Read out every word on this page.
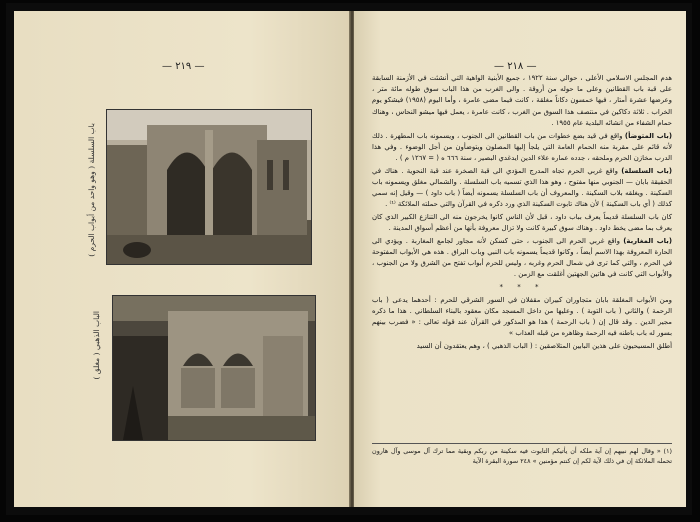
— ٢١٩ —
باب السلسلة ( وهو واحد من أبواب الحرم )
الباب الذهبي ( مغلق )
— ٢١٨ —

هدم المجلس الاسلامي الأعلى ، حوالي سنة ١٩٢٢ ، جميع الأبنية الواهية التي أنشئت في الأزمنة السابقة على قبة باب القطانين وعلى ما حوله من أروقة . والى الغرب من هذا الباب سوق طوله مائة متر ، وعرضها عشرة أمتار ، فيها خمسون دكاناً مغلقة ، كانت فيما مضى عامرة ، وأما اليوم (١٩٥٨) فيشكو يوم الخراب . ثلاثة دكاكين في منتصف هذا السوق من الغرب ، كانت عامرة ، يعمل فيها ميشو النحاس ، وهناك حمام الشفاء من انشائه البلدية عام ١٩٥٥ .

(باب المتوضأ) واقع في قيد بضع خطوات من باب القطانين الى الجنوب ، ويسمونه باب المطهرة . ذلك لأنه قائم على مقربة منه الحمام العامة التي يلجأ إليها المصلون ويتوضأون من أجل الوضوء . وفي هذا الدرب مخازن الحرم وملحقه ، جدده عماره علاء الدين ايدغدي البصير ، سنة ٦٦٦ ه ( = ١٢٦٧ م ) .

(باب السلسلة) واقع غربي الحرم تجاه المدرج المؤدي الى قبة الصخرة عند قبة النحوية . هناك في الحقيقة بابان — الجنوبي منها مفتوح ، وهو هذا الذي تسميه باب السلسلة . والشمالي مغلق ويسمونه باب السكينة . ويغلقه بلاب السكينة . والمعروف أن باب السلسلة يسمونه أيضاً ( باب داود ) — وقيل إنه سمي كذلك ( أي باب السكينة ) لأن هناك تابوت السكينة الذي ورد ذكره في القرآن والتي حملته الملائكة ⁽¹⁾ .

كان باب السلسلة قديماً يعرف بباب داود ، قبل لأن الناس كانوا يخرجون منه الى التنازع الكبير الذي كان يعرف بما مضى يخط داود . وهناك سوق كبيرة كانت ولا تزال معروفة بأنها من أعظم أسواق المدينة .

(باب المغاربة) واقع غربي الحرم الى الجنوب ، حتى كسكن لأنه مجاور لجامع المغاربة . ويؤدي الى الحارة المعروفة بهذا الاسم أيضاً ، وكانوا قديماً يسمونه باب النبي وباب البراق . هذه هي الأبواب المفتوحة في الحرم ، والتي كما ترى في شمال الحرم وغربه ، وليس للحرم أبواب تفتح من الشرق ولا من الجنوب ، والأبواب التي كانت في هاتين الجهتين أغلقت مع الزمن .

* * *

ومن الأبواب المغلقة بابان متجاوران كبيران مقفلان في السور الشرقي للحرم : أحدهما يدعى ( باب الرحمة ) والثاني ( باب التوبة ) . وعليها من داخل المسجد مكان معقود بالبناء السلطاني . هذا ما ذكره مجير الدين . وقد قال إن ( باب الرحمة ) هذا هو المذكور في القرآن عند قوله تعالى : « فضرب بينهم بسور له باب باطنه فيه الرحمة وظاهره من قبله العذاب »

أطلق المسيحيون على هذين البابين المتلاصقين : ( الباب الذهبي ) ، وهم يعتقدون أن السيد

(١) « وقال لهم نبيهم إن آية ملكه أن يأتيكم التابوت فيه سكينة من ربكم وبقية مما ترك آل موسى وآل هارون تحمله الملائكة إن في ذلك لآية لكم إن كنتم مؤمنين » ٢٤٨ سورة البقرة الآية
